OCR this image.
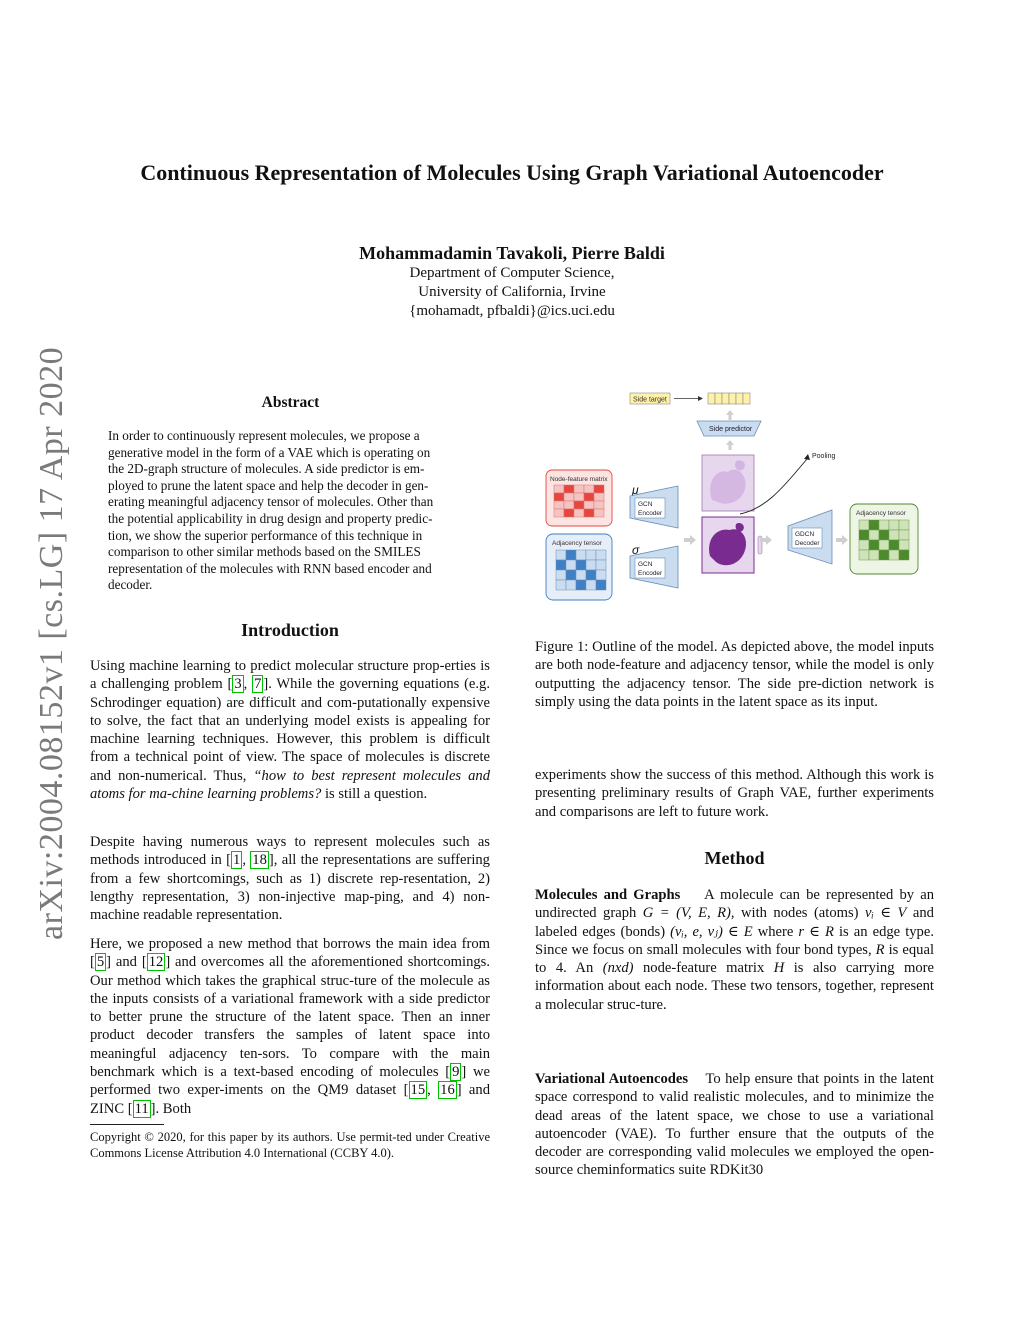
arXiv:2004.08152v1 [cs.LG] 17 Apr 2020
Continuous Representation of Molecules Using Graph Variational Autoencoder
Mohammadamin Tavakoli, Pierre Baldi
Department of Computer Science,
University of California, Irvine
{mohamadt, pfbaldi}@ics.uci.edu
Abstract
In order to continuously represent molecules, we propose a
generative model in the form of a VAE which is operating on
the 2D-graph structure of molecules. A side predictor is em-
ployed to prune the latent space and help the decoder in gen-
erating meaningful adjacency tensor of molecules. Other than
the potential applicability in drug design and property predic-
tion, we show the superior performance of this technique in
comparison to other similar methods based on the SMILES
representation of the molecules with RNN based encoder and
decoder.
Introduction
Using machine learning to predict molecular structure prop-erties is a challenging problem [ 3 , 7 ]. While the governing equations (e.g. Schrodinger equation) are difficult and com-putationally expensive to solve, the fact that an underlying model exists is appealing for machine learning techniques. However, this problem is difficult from a technical point of view. The space of molecules is discrete and non-numerical. Thus, “how to best represent molecules and atoms for ma-chine learning problems? is still a question.
Despite having numerous ways to represent molecules such as methods introduced in [ 1 , 18 ], all the representations are suffering from a few shortcomings, such as 1) discrete rep-resentation, 2) lengthy representation, 3) non-injective map-ping, and 4) non-machine readable representation.
Here, we proposed a new method that borrows the main idea from [ 5 ] and [ 12 ] and overcomes all the aforementioned shortcomings. Our method which takes the graphical struc-ture of the molecule as the inputs consists of a variational framework with a side predictor to better prune the structure of the latent space. Then an inner product decoder transfers the samples of latent space into meaningful adjacency ten-sors. To compare with the main benchmark which is a text-based encoding of molecules [ 9 ] we performed two exper-iments on the QM9 dataset [ 15 , 16 ] and ZINC [ 11 ]. Both
Copyright © 2020, for this paper by its authors. Use permit-ted under Creative Commons License Attribution 4.0 International (CCBY 4.0).
Side target
Side predictor
Pooling
Node-feature matrix
Adjacency tensor
μ
GCN
Encoder
σ
GCN
Encoder
GDCN
Decoder
Adjacency tensor
Figure 1: Outline of the model. As depicted above, the model inputs are both node-feature and adjacency tensor, while the model is only outputting the adjacency tensor. The side pre-diction network is simply using the data points in the latent space as its input.
experiments show the success of this method. Although this work is presenting preliminary results of Graph VAE, further experiments and comparisons are left to future work.
Method
Molecules and Graphs A molecule can be represented by an undirected graph G = (V, E, R), with nodes (atoms) vᵢ ∈ V and labeled edges (bonds) (vᵢ, e, vⱼ) ∈ E where r ∈ R is an edge type. Since we focus on small molecules with four bond types, R is equal to 4. An (nxd) node-feature matrix H is also carrying more information about each node. These two tensors, together, represent a molecular struc-ture.
Variational Autoencodes To help ensure that points in the latent space correspond to valid realistic molecules, and to minimize the dead areas of the latent space, we chose to use a variational autoencoder (VAE). To further ensure that the outputs of the decoder are corresponding valid molecules we employed the open-source cheminformatics suite RDKit30
